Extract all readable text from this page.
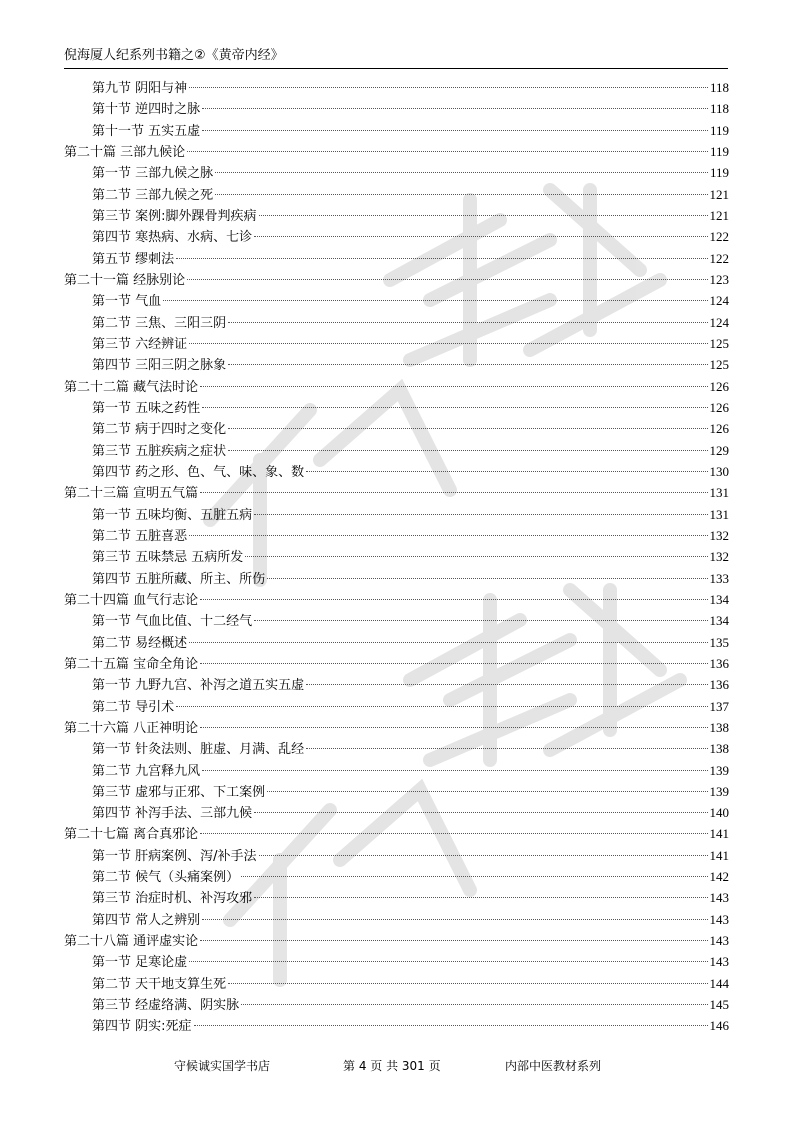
倪海厦人纪系列书籍之②《黄帝内经》
第九节 阴阳与神	118
第十节 逆四时之脉	118
第十一节 五实五虚	119
第二十篇 三部九候论	119
第一节 三部九候之脉	119
第二节 三部九候之死	121
第三节 案例:脚外踝骨判疾病	121
第四节 寒热病、水病、七诊	122
第五节 缪刺法	122
第二十一篇 经脉别论	123
第一节 气血	124
第二节 三焦、三阳三阴	124
第三节 六经辨证	125
第四节 三阳三阴之脉象	125
第二十二篇 藏气法时论	126
第一节 五味之药性	126
第二节 病于四时之变化	126
第三节 五脏疾病之症状	129
第四节 药之形、色、气、味、象、数	130
第二十三篇 宣明五气篇	131
第一节 五味均衡、五脏五病	131
第二节 五脏喜恶	132
第三节 五味禁忌 五病所发	132
第四节 五脏所藏、所主、所伤	133
第二十四篇 血气行志论	134
第一节 气血比值、十二经气	134
第二节 易经概述	135
第二十五篇 宝命全角论	136
第一节 九野九宫、补泻之道五实五虚	136
第二节 导引术	137
第二十六篇 八正神明论	138
第一节 针灸法则、脏虚、月满、乱经	138
第二节 九宫释九风	139
第三节 虚邪与正邪、下工案例	139
第四节 补泻手法、三部九候	140
第二十七篇 离合真邪论	141
第一节 肝病案例、泻/补手法	141
第二节 候气（头痛案例）	142
第三节 治症时机、补泻攻邪	143
第四节 常人之辨别	143
第二十八篇 通评虚实论	143
第一节 足寒论虚	143
第二节 天干地支算生死	144
第三节 经虚络满、阴实脉	145
第四节 阴实:死症	146
守候诚实国学书店	第 4 页 共 301 页	内部中医教材系列
